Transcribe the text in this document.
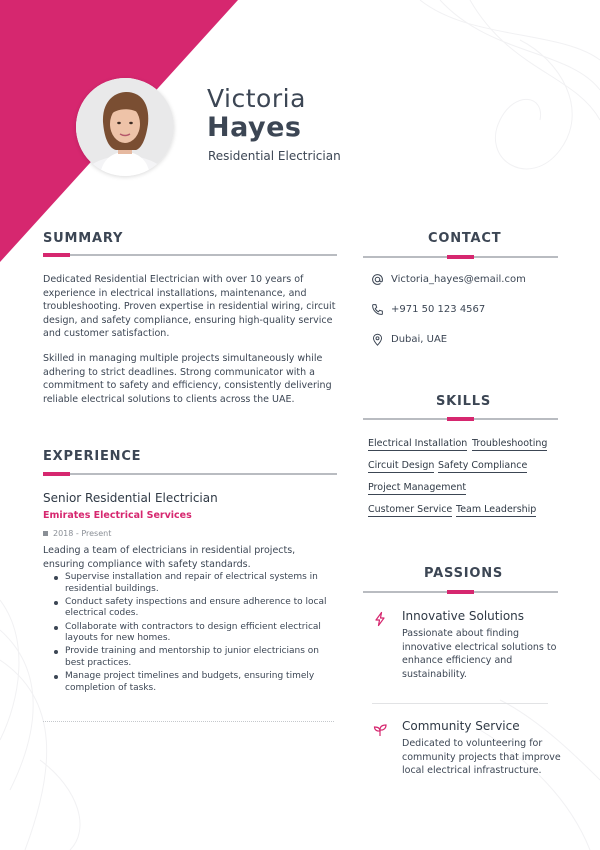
Victoria
Hayes
Residential Electrician
SUMMARY
Dedicated Residential Electrician with over 10 years of experience in electrical installations, maintenance, and troubleshooting. Proven expertise in residential wiring, circuit design, and safety compliance, ensuring high-quality service and customer satisfaction.
Skilled in managing multiple projects simultaneously while adhering to strict deadlines. Strong communicator with a commitment to safety and efficiency, consistently delivering reliable electrical solutions to clients across the UAE.
EXPERIENCE
Senior Residential Electrician
Emirates Electrical Services
2018 - Present
Leading a team of electricians in residential projects, ensuring compliance with safety standards.
Supervise installation and repair of electrical systems in residential buildings.
Conduct safety inspections and ensure adherence to local electrical codes.
Collaborate with contractors to design efficient electrical layouts for new homes.
Provide training and mentorship to junior electricians on best practices.
Manage project timelines and budgets, ensuring timely completion of tasks.
CONTACT
Victoria_hayes@email.com
+971 50 123 4567
Dubai, UAE
SKILLS
Electrical Installation Troubleshooting
Circuit Design Safety Compliance
Project Management
Customer Service Team Leadership
PASSIONS
Innovative Solutions
Passionate about finding innovative electrical solutions to enhance efficiency and sustainability.
Community Service
Dedicated to volunteering for community projects that improve local electrical infrastructure.
